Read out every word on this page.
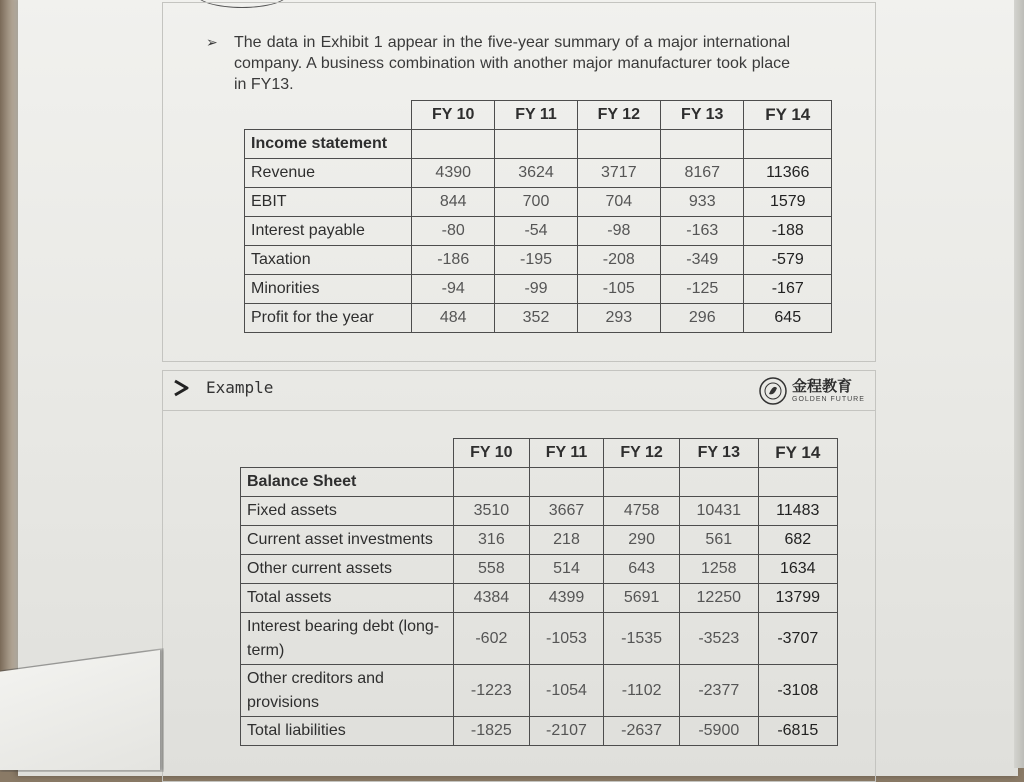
➢ The data in Exhibit 1 appear in the five-year summary of a major international company. A business combination with another major manufacturer took place in FY13.

	FY 10	FY 11	FY 12	FY 13	FY 14
Income statement					
Revenue	4390	3624	3717	8167	11366
EBIT	844	700	704	933	1579
Interest payable	-80	-54	-98	-163	-188
Taxation	-186	-195	-208	-349	-579
Minorities	-94	-99	-105	-125	-167
Profit for the year	484	352	293	296	645
Example	金程教育
GOLDEN FUTURE
	FY 10	FY 11	FY 12	FY 13	FY 14
Balance Sheet					
Fixed assets	3510	3667	4758	10431	11483
Current asset investments	316	218	290	561	682
Other current assets	558	514	643	1258	1634
Total assets	4384	4399	5691	12250	13799
Interest bearing debt (long-term)	-602	-1053	-1535	-3523	-3707
Other creditors and provisions	-1223	-1054	-1102	-2377	-3108
Total liabilities	-1825	-2107	-2637	-5900	-6815
